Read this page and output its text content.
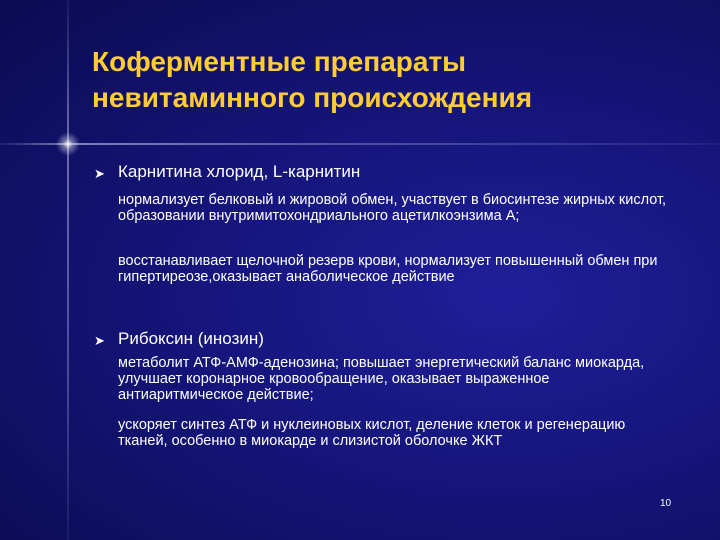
Коферментные препараты
невитаминного происхождения
➤ Карнитина хлорид, L-карнитин

нормализует белковый и жировой обмен, участвует в биосинтезе жирных кислот, образовании внутримитохондриального ацетилкоэнзима А;

восстанавливает щелочной резерв крови, нормализует повышенный обмен при гипертиреозе,оказывает анаболическое действие

➤ Рибоксин (инозин)

метаболит АТФ-АМФ-аденозина; повышает энергетический баланс миокарда, улучшает коронарное кровообращение, оказывает выраженное антиаритмическое действие;

ускоряет синтез АТФ и нуклеиновых кислот, деление клеток и регенерацию тканей, особенно в миокарде и слизистой оболочке ЖКТ

10
